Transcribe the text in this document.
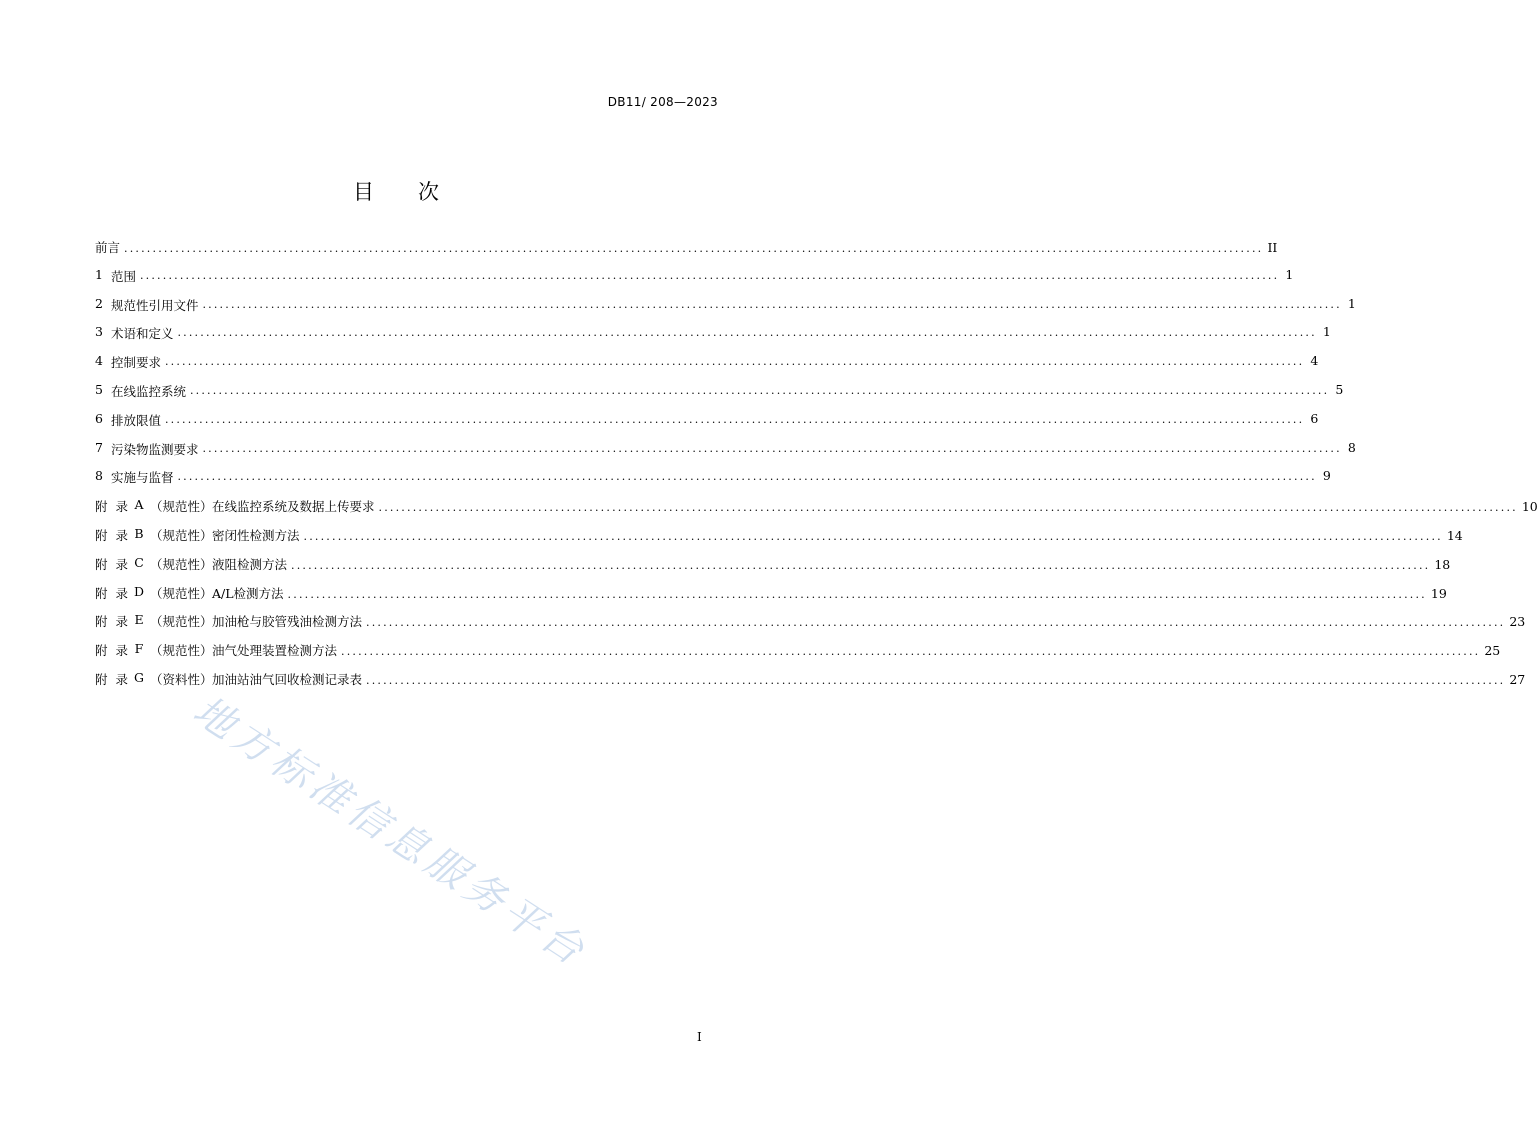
DB11/ 208—2023
目 次
前言 ........................................................................................................................................................................................................ II
1 范围 ........................................................................................................................................................................................................ 1
2 规范性引用文件 ........................................................................................................................................................................................................ 1
3 术语和定义 ........................................................................................................................................................................................................ 1
4 控制要求 ........................................................................................................................................................................................................ 4
5 在线监控系统 ........................................................................................................................................................................................................ 5
6 排放限值 ........................................................................................................................................................................................................ 6
7 污染物监测要求 ........................................................................................................................................................................................................ 8
8 实施与监督 ........................................................................................................................................................................................................ 9
附 录 A （规范性） 在线监控系统及数据上传要求 ........................................................................................................................................................................................................ 10
附 录 B （规范性） 密闭性检测方法 ........................................................................................................................................................................................................ 14
附 录 C （规范性） 液阻检测方法 ........................................................................................................................................................................................................ 18
附 录 D （规范性） A/L检测方法 ........................................................................................................................................................................................................ 19
附 录 E （规范性） 加油枪与胶管残油检测方法 ........................................................................................................................................................................................................ 23
附 录 F （规范性） 油气处理装置检测方法 ........................................................................................................................................................................................................ 25
附 录 G （资料性） 加油站油气回收检测记录表 ........................................................................................................................................................................................................ 27
地方标准信息服务平台
I
